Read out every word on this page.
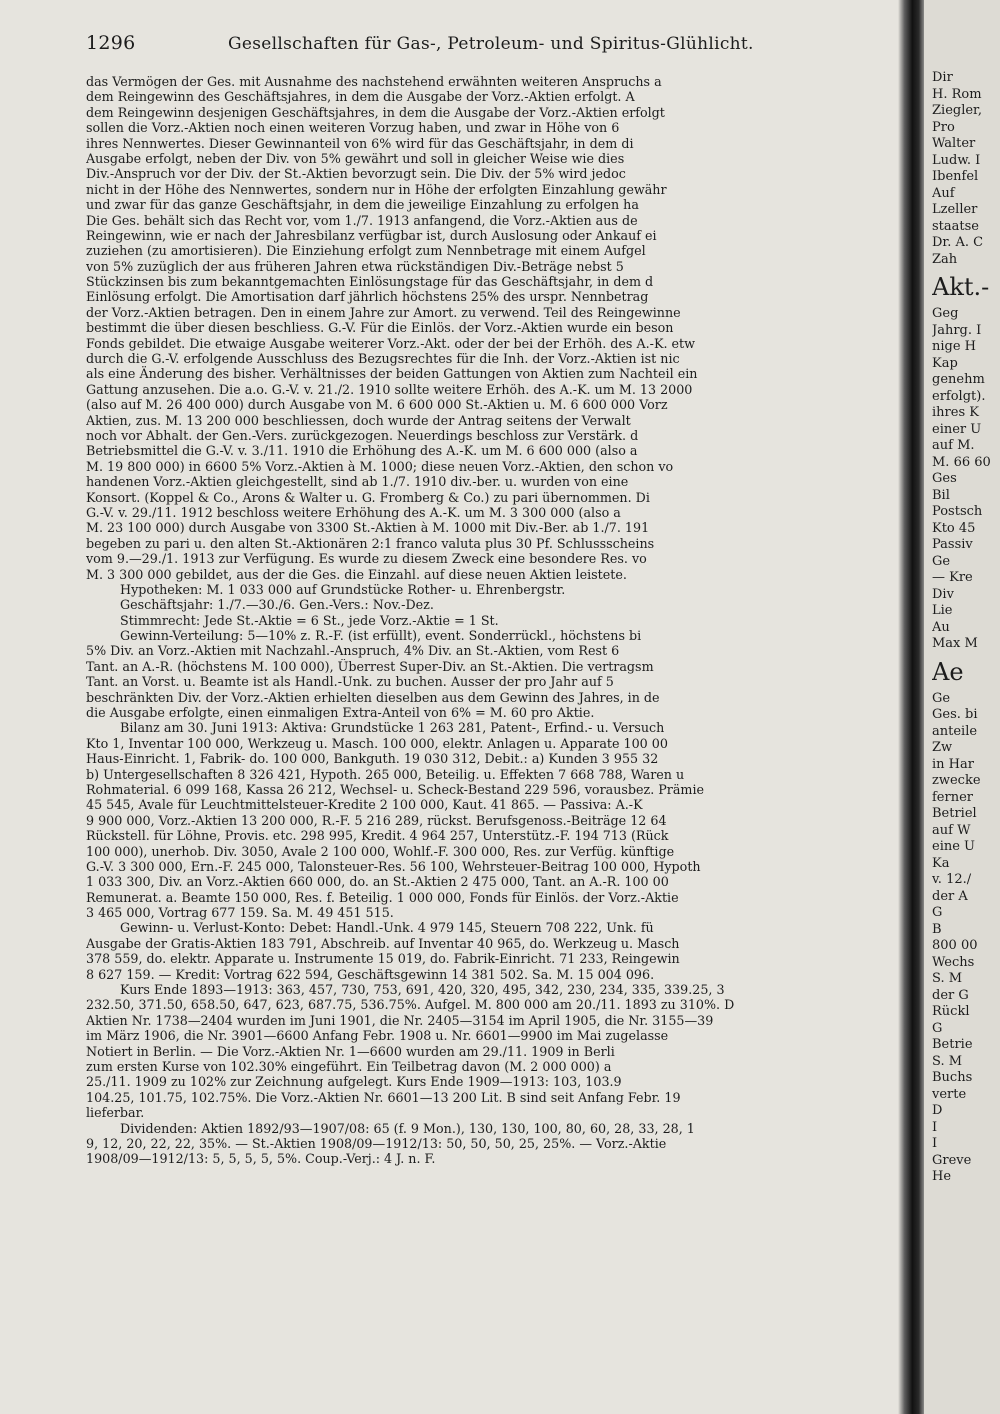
1296	Gesellschaften für Gas-, Petroleum- und Spiritus-Glühlicht.
das Vermögen der Ges. mit Ausnahme des nachstehend erwähnten weiteren Anspruchs a
dem Reingewinn des Geschäftsjahres, in dem die Ausgabe der Vorz.-Aktien erfolgt. A
dem Reingewinn desjenigen Geschäftsjahres, in dem die Ausgabe der Vorz.-Aktien erfolgt
sollen die Vorz.-Aktien noch einen weiteren Vorzug haben, und zwar in Höhe von 6
ihres Nennwertes. Dieser Gewinnanteil von 6% wird für das Geschäftsjahr, in dem di
Ausgabe erfolgt, neben der Div. von 5% gewährt und soll in gleicher Weise wie dies
Div.-Anspruch vor der Div. der St.-Aktien bevorzugt sein. Die Div. der 5% wird jedoc
nicht in der Höhe des Nennwertes, sondern nur in Höhe der erfolgten Einzahlung gewähr
und zwar für das ganze Geschäftsjahr, in dem die jeweilige Einzahlung zu erfolgen ha
Die Ges. behält sich das Recht vor, vom 1./7. 1913 anfangend, die Vorz.-Aktien aus de
Reingewinn, wie er nach der Jahresbilanz verfügbar ist, durch Auslosung oder Ankauf ei
zuziehen (zu amortisieren). Die Einziehung erfolgt zum Nennbetrage mit einem Aufgel
von 5% zuzüglich der aus früheren Jahren etwa rückständigen Div.-Beträge nebst 5
Stückzinsen bis zum bekanntgemachten Einlösungstage für das Geschäftsjahr, in dem d
Einlösung erfolgt. Die Amortisation darf jährlich höchstens 25% des urspr. Nennbetrag
der Vorz.-Aktien betragen. Den in einem Jahre zur Amort. zu verwend. Teil des Reingewinne
bestimmt die über diesen beschliess. G.-V. Für die Einlös. der Vorz.-Aktien wurde ein beson
Fonds gebildet. Die etwaige Ausgabe weiterer Vorz.-Akt. oder der bei der Erhöh. des A.-K. etw
durch die G.-V. erfolgende Ausschluss des Bezugsrechtes für die Inh. der Vorz.-Aktien ist nic
als eine Änderung des bisher. Verhältnisses der beiden Gattungen von Aktien zum Nachteil ein
Gattung anzusehen. Die a.o. G.-V. v. 21./2. 1910 sollte weitere Erhöh. des A.-K. um M. 13 2000
(also auf M. 26 400 000) durch Ausgabe von M. 6 600 000 St.-Aktien u. M. 6 600 000 Vorz
Aktien, zus. M. 13 200 000 beschliessen, doch wurde der Antrag seitens der Verwalt
noch vor Abhalt. der Gen.-Vers. zurückgezogen. Neuerdings beschloss zur Verstärk. d
Betriebsmittel die G.-V. v. 3./11. 1910 die Erhöhung des A.-K. um M. 6 600 000 (also a
M. 19 800 000) in 6600 5% Vorz.-Aktien à M. 1000; diese neuen Vorz.-Aktien, den schon vo
handenen Vorz.-Aktien gleichgestellt, sind ab 1./7. 1910 div.-ber. u. wurden von eine
Konsort. (Koppel & Co., Arons & Walter u. G. Fromberg & Co.) zu pari übernommen. Di
G.-V. v. 29./11. 1912 beschloss weitere Erhöhung des A.-K. um M. 3 300 000 (also a
M. 23 100 000) durch Ausgabe von 3300 St.-Aktien à M. 1000 mit Div.-Ber. ab 1./7. 191
begeben zu pari u. den alten St.-Aktionären 2:1 franco valuta plus 30 Pf. Schlussscheins
vom 9.—29./1. 1913 zur Verfügung. Es wurde zu diesem Zweck eine besondere Res. vo
M. 3 300 000 gebildet, aus der die Ges. die Einzahl. auf diese neuen Aktien leistete.
Hypotheken: M. 1 033 000 auf Grundstücke Rother- u. Ehrenbergstr.
Geschäftsjahr: 1./7.—30./6. Gen.-Vers.: Nov.-Dez.
Stimmrecht: Jede St.-Aktie = 6 St., jede Vorz.-Aktie = 1 St.
Gewinn-Verteilung: 5—10% z. R.-F. (ist erfüllt), event. Sonderrückl., höchstens bi
5% Div. an Vorz.-Aktien mit Nachzahl.-Anspruch, 4% Div. an St.-Aktien, vom Rest 6
Tant. an A.-R. (höchstens M. 100 000), Überrest Super-Div. an St.-Aktien. Die vertragsm
Tant. an Vorst. u. Beamte ist als Handl.-Unk. zu buchen. Ausser der pro Jahr auf 5
beschränkten Div. der Vorz.-Aktien erhielten dieselben aus dem Gewinn des Jahres, in de
die Ausgabe erfolgte, einen einmaligen Extra-Anteil von 6% = M. 60 pro Aktie.
Bilanz am 30. Juni 1913: Aktiva: Grundstücke 1 263 281, Patent-, Erfind.- u. Versuch
Kto 1, Inventar 100 000, Werkzeug u. Masch. 100 000, elektr. Anlagen u. Apparate 100 00
Haus-Einricht. 1, Fabrik- do. 100 000, Bankguth. 19 030 312, Debit.: a) Kunden 3 955 32
b) Untergesellschaften 8 326 421, Hypoth. 265 000, Beteilig. u. Effekten 7 668 788, Waren u
Rohmaterial. 6 099 168, Kassa 26 212, Wechsel- u. Scheck-Bestand 229 596, vorausbez. Prämie
45 545, Avale für Leuchtmittelsteuer-Kredite 2 100 000, Kaut. 41 865. — Passiva: A.-K
9 900 000, Vorz.-Aktien 13 200 000, R.-F. 5 216 289, rückst. Berufsgenoss.-Beiträge 12 64
Rückstell. für Löhne, Provis. etc. 298 995, Kredit. 4 964 257, Unterstütz.-F. 194 713 (Rück
100 000), unerhob. Div. 3050, Avale 2 100 000, Wohlf.-F. 300 000, Res. zur Verfüg. künftige
G.-V. 3 300 000, Ern.-F. 245 000, Talonsteuer-Res. 56 100, Wehrsteuer-Beitrag 100 000, Hypoth
1 033 300, Div. an Vorz.-Aktien 660 000, do. an St.-Aktien 2 475 000, Tant. an A.-R. 100 00
Remunerat. a. Beamte 150 000, Res. f. Beteilig. 1 000 000, Fonds für Einlös. der Vorz.-Aktie
3 465 000, Vortrag 677 159. Sa. M. 49 451 515.
Gewinn- u. Verlust-Konto: Debet: Handl.-Unk. 4 979 145, Steuern 708 222, Unk. fü
Ausgabe der Gratis-Aktien 183 791, Abschreib. auf Inventar 40 965, do. Werkzeug u. Masch
378 559, do. elektr. Apparate u. Instrumente 15 019, do. Fabrik-Einricht. 71 233, Reingewin
8 627 159. — Kredit: Vortrag 622 594, Geschäftsgewinn 14 381 502. Sa. M. 15 004 096.
Kurs Ende 1893—1913: 363, 457, 730, 753, 691, 420, 320, 495, 342, 230, 234, 335, 339.25, 3
232.50, 371.50, 658.50, 647, 623, 687.75, 536.75%. Aufgel. M. 800 000 am 20./11. 1893 zu 310%. D
Aktien Nr. 1738—2404 wurden im Juni 1901, die Nr. 2405—3154 im April 1905, die Nr. 3155—39
im März 1906, die Nr. 3901—6600 Anfang Febr. 1908 u. Nr. 6601—9900 im Mai zugelasse
Notiert in Berlin. — Die Vorz.-Aktien Nr. 1—6600 wurden am 29./11. 1909 in Berli
zum ersten Kurse von 102.30% eingeführt. Ein Teilbetrag davon (M. 2 000 000) a
25./11. 1909 zu 102% zur Zeichnung aufgelegt. Kurs Ende 1909—1913: 103, 103.9
104.25, 101.75, 102.75%. Die Vorz.-Aktien Nr. 6601—13 200 Lit. B sind seit Anfang Febr. 19
lieferbar.
Dividenden: Aktien 1892/93—1907/08: 65 (f. 9 Mon.), 130, 130, 100, 80, 60, 28, 33, 28, 1
9, 12, 20, 22, 22, 35%. — St.-Aktien 1908/09—1912/13: 50, 50, 50, 25, 25%. — Vorz.-Aktie
1908/09—1912/13: 5, 5, 5, 5, 5%. Coup.-Verj.: 4 J. n. F.
Dir
H. Rom
Ziegler,
Pro
Walter
Ludw. I
Ibenfel
Auf
Lzeller
staatse
Dr. A. C
Zah
Akt.-
Geg
Jahrg. I
nige H
Kap
genehm
erfolgt).
ihres K
einer U
auf M.
M. 66 60
Ges
Bil
Postsch
Kto 45
Passiv
Ge
— Kre
Div
Lie
Au
Max M
Ae
Ge
Ges. bi
anteile
Zw
in Har
zwecke
ferner
Betriel
auf W
eine U
Ka
v. 12./
der A
G
B
800 00
Wechs
S. M
der G
Rückl
G
Betrie
S. M
Buchs
verte
D
I
I
Greve
He
